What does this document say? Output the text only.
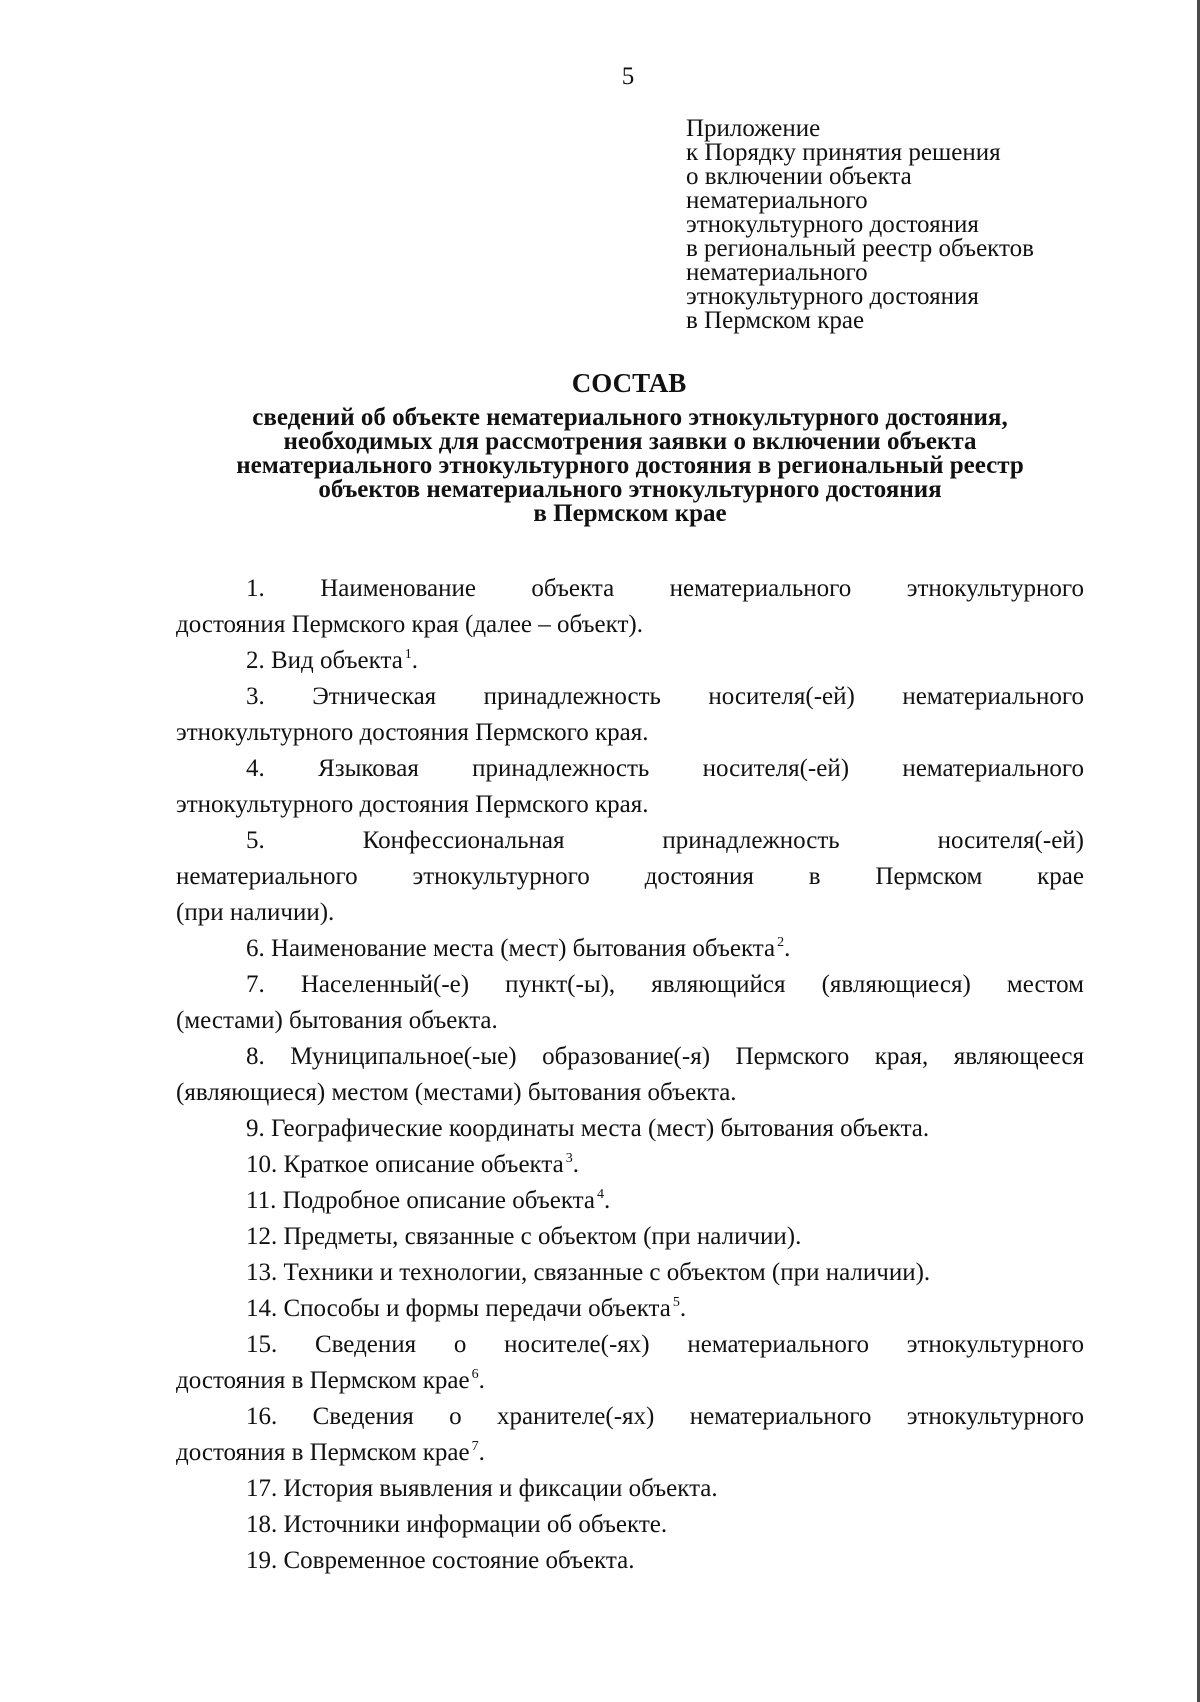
5
Приложение
к Порядку принятия решения
о включении объекта
нематериального
этнокультурного достояния
в региональный реестр объектов
нематериального
этнокультурного достояния
в Пермском крае
СОСТАВ
сведений об объекте нематериального этнокультурного достояния,
необходимых для рассмотрения заявки о включении объекта
нематериального этнокультурного достояния в региональный реестр
объектов нематериального этнокультурного достояния
в Пермском крае
1. Наименование объекта нематериального этнокультурного
достояния Пермского края (далее – объект).
2. Вид объекта $^1$.
3. Этническая принадлежность носителя(-ей) нематериального
этнокультурного достояния Пермского края.
4. Языковая принадлежность носителя(-ей) нематериального
этнокультурного достояния Пермского края.
5. Конфессиональная принадлежность носителя(-ей)
нематериального этнокультурного достояния в Пермском крае
(при наличии).
6. Наименование места (мест) бытования объекта $^2$.
7. Населенный(-е) пункт(-ы), являющийся (являющиеся) местом
(местами) бытования объекта.
8. Муниципальное(-ые) образование(-я) Пермского края, являющееся
(являющиеся) местом (местами) бытования объекта.
9. Географические координаты места (мест) бытования объекта.
10. Краткое описание объекта $^3$.
11. Подробное описание объекта $^4$.
12. Предметы, связанные с объектом (при наличии).
13. Техники и технологии, связанные с объектом (при наличии).
14. Способы и формы передачи объекта $^5$.
15. Сведения о носителе(-ях) нематериального этнокультурного
достояния в Пермском крае $^6$.
16. Сведения о хранителе(-ях) нематериального этнокультурного
достояния в Пермском крае $^7$.
17. История выявления и фиксации объекта.
18. Источники информации об объекте.
19. Современное состояние объекта.
